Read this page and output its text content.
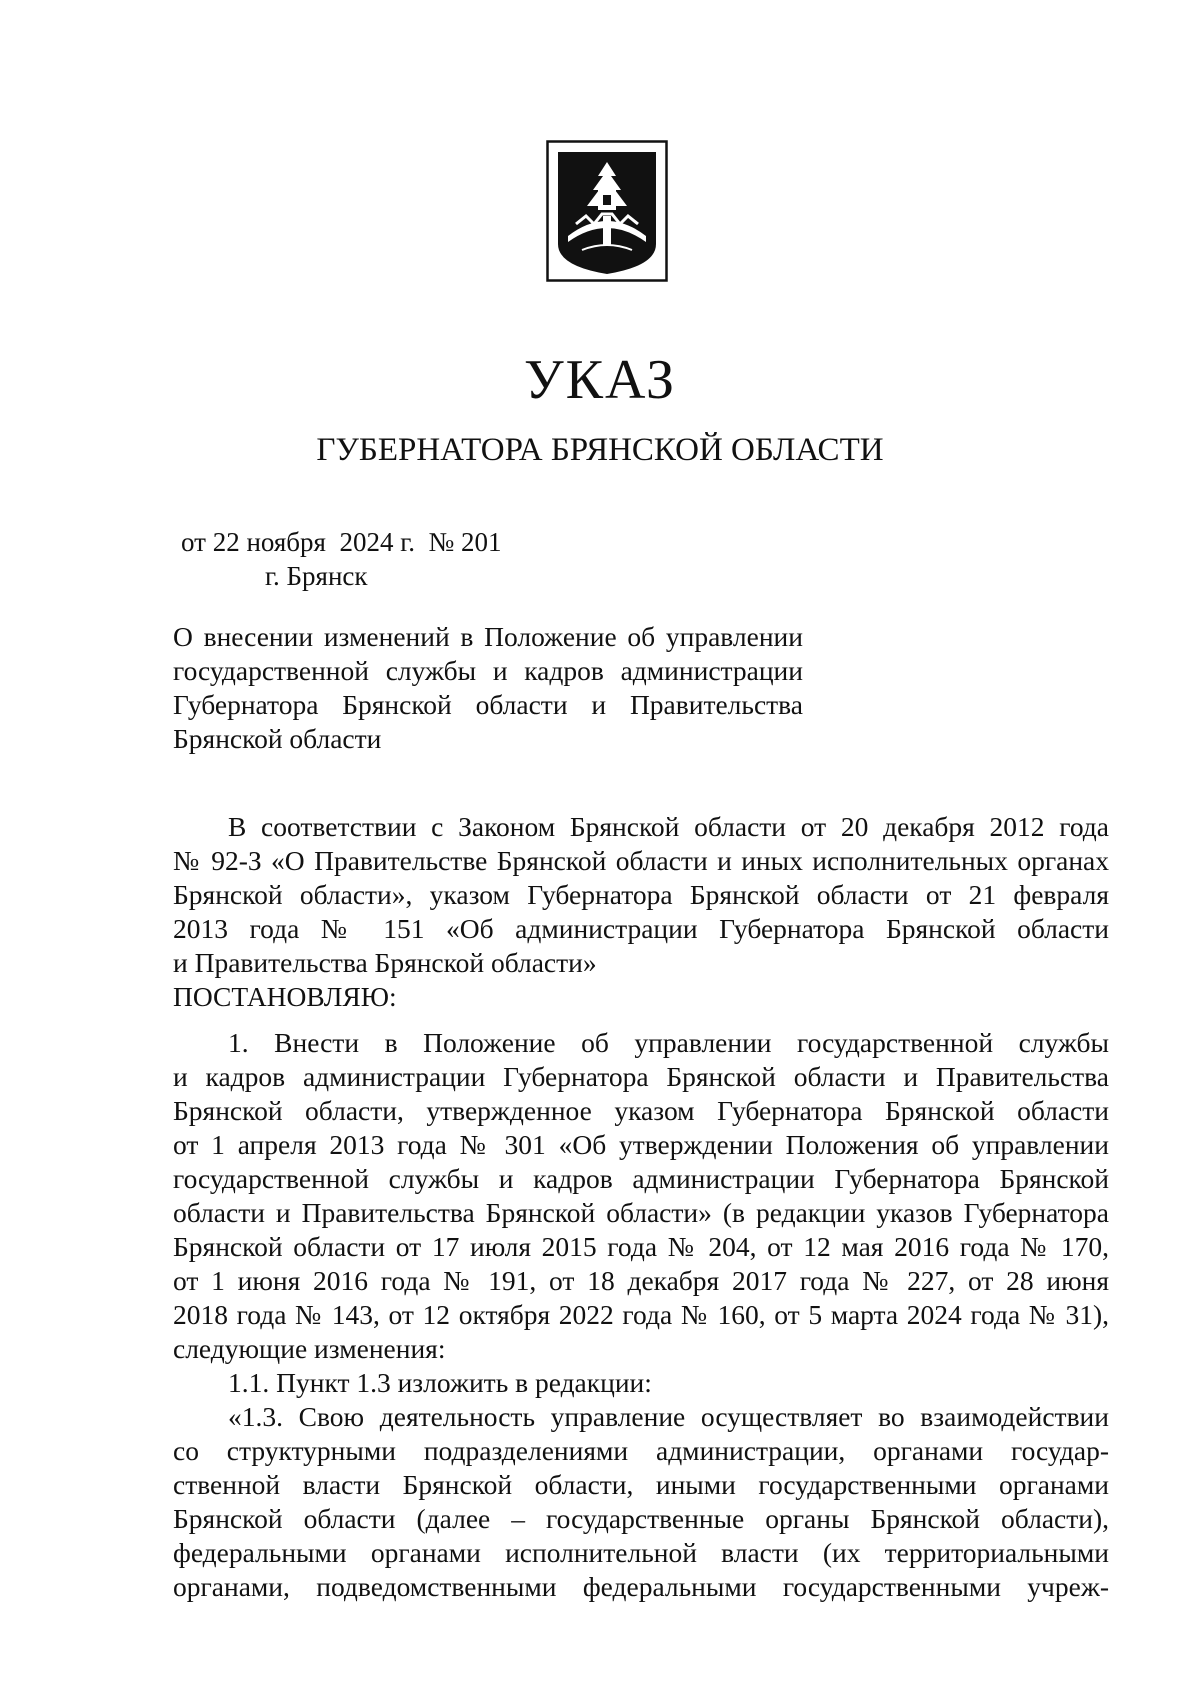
УКАЗ
ГУБЕРНАТОРА БРЯНСКОЙ ОБЛАСТИ
от 22 ноября  2024 г.  № 201
г. Брянск
О внесении изменений в Положение об управлении
государственной службы и кадров администрации
Губернатора Брянской области и Правительства
Брянской области
В соответствии с Законом Брянской области от 20 декабря 2012 года
№ 92-З «О Правительстве Брянской области и иных исполнительных органах
Брянской области», указом Губернатора Брянской области от 21 февраля
2013 года № 151 «Об администрации Губернатора Брянской области
и Правительства Брянской области»
ПОСТАНОВЛЯЮ:
1. Внести в Положение об управлении государственной службы
и кадров администрации Губернатора Брянской области и Правительства
Брянской области, утвержденное указом Губернатора Брянской области
от 1 апреля 2013 года № 301 «Об утверждении Положения об управлении
государственной службы и кадров администрации Губернатора Брянской
области и Правительства Брянской области» (в редакции указов Губернатора
Брянской области от 17 июля 2015 года № 204, от 12 мая 2016 года № 170,
от 1 июня 2016 года № 191, от 18 декабря 2017 года № 227, от 28 июня
2018 года № 143, от 12 октября 2022 года № 160, от 5 марта 2024 года № 31),
следующие изменения:
1.1. Пункт 1.3 изложить в редакции:
«1.3. Свою деятельность управление осуществляет во взаимодействии
со структурными подразделениями администрации, органами государ-
ственной власти Брянской области, иными государственными органами
Брянской области (далее – государственные органы Брянской области),
федеральными органами исполнительной власти (их территориальными
органами, подведомственными федеральными государственными учреж-
